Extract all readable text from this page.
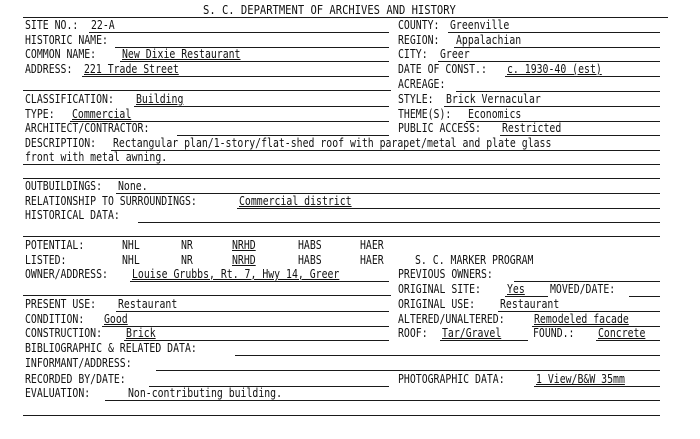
S. C. DEPARTMENT OF ARCHIVES AND HISTORY
SITE NO.: 22-A	COUNTY: Greenville
HISTORIC NAME:	REGION: Appalachian
COMMON NAME: New Dixie Restaurant	CITY: Greer
ADDRESS: 221 Trade Street	DATE OF CONST.: c. 1930-40 (est)
ACREAGE:
CLASSIFICATION: Building	STYLE: Brick Vernacular
TYPE: Commercial	THEME(S): Economics
ARCHITECT/CONTRACTOR:	PUBLIC ACCESS: Restricted
DESCRIPTION: Rectangular plan/1-story/flat-shed roof with parapet/metal and plate glass
front with metal awning.
OUTBUILDINGS: None.
RELATIONSHIP TO SURROUNDINGS:	Commercial district
HISTORICAL DATA:
POTENTIAL:	NHL	NR	NRHD	HABS	HAER
LISTED:	NHL	NR	NRHD	HABS	HAER	S. C. MARKER PROGRAM
OWNER/ADDRESS: Louise Grubbs, Rt. 7, Hwy 14, Greer	PREVIOUS OWNERS:
ORIGINAL SITE: Yes MOVED/DATE:
PRESENT USE: Restaurant	ORIGINAL USE: Restaurant
CONDITION: Good	ALTERED/UNALTERED: Remodeled facade
CONSTRUCTION: Brick	ROOF: Tar/Gravel	FOUND.: Concrete
BIBLIOGRAPHIC & RELATED DATA:
INFORMANT/ADDRESS:
RECORDED BY/DATE:	PHOTOGRAPHIC DATA:	1 View/B&W 35mm
EVALUATION:	Non-contributing building.
